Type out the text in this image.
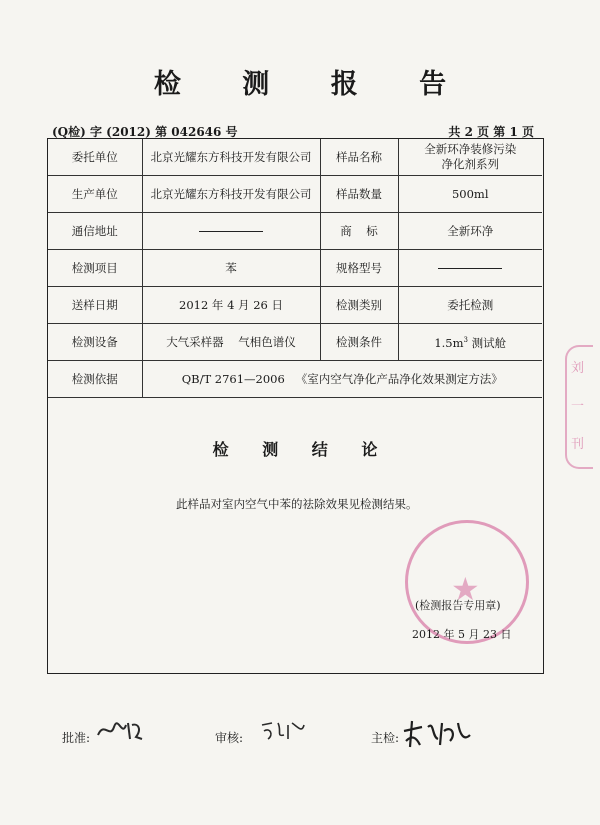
检 测 报 告
(Q检) 字 (2012) 第 042646 号	共 2 页 第 1 页
委托单位	北京光耀东方科技开发有限公司	样品名称	全新环净装修污染
净化剂系列
生产单位	北京光耀东方科技开发有限公司	样品数量	500ml
通信地址		商    标	全新环净
检测项目	苯	规格型号	
送样日期	2012 年 4 月 26 日	检测类别	委托检测
检测设备	大气采样器    气相色谱仪	检测条件	$1.5m^3$ 测试舱
检测依据	QB/T 2761—2006   《室内空气净化产品净化效果测定方法》		
检 测 结 论
此样品对室内空气中苯的祛除效果见检测结果。
★
(检测报告专用章)
2012 年 5 月 23 日
批准:	审核:	主检:
刘
一
刊
